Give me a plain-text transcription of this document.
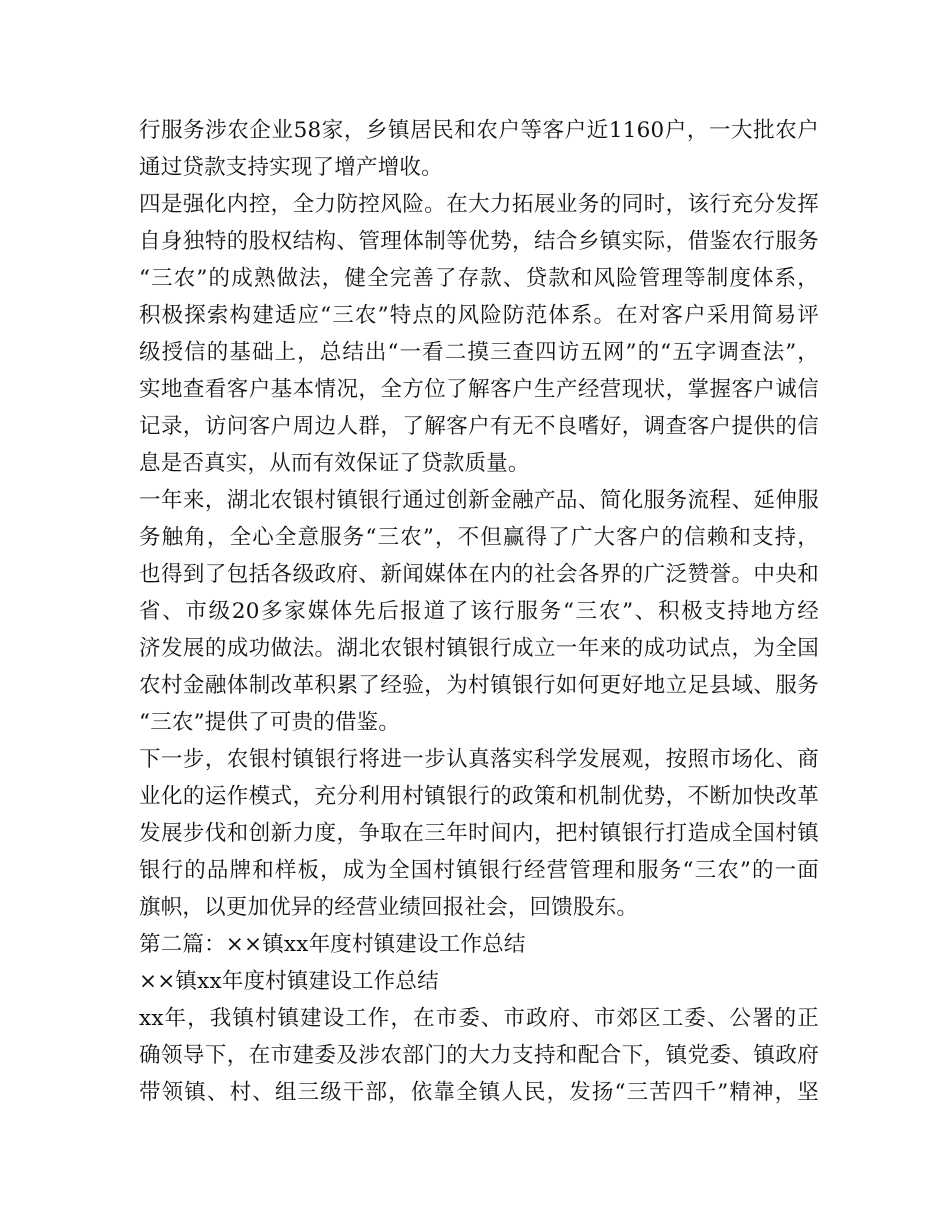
行服务涉农企业58家，乡镇居民和农户等客户近1160户，一大批农户
通过贷款支持实现了增产增收。
四是强化内控，全力防控风险。在大力拓展业务的同时，该行充分发挥
自身独特的股权结构、管理体制等优势，结合乡镇实际，借鉴农行服务
“三农”的成熟做法，健全完善了存款、贷款和风险管理等制度体系，
积极探索构建适应“三农”特点的风险防范体系。在对客户采用简易评
级授信的基础上，总结出“一看二摸三查四访五网”的“五字调查法”，
实地查看客户基本情况，全方位了解客户生产经营现状，掌握客户诚信
记录，访问客户周边人群，了解客户有无不良嗜好，调查客户提供的信
息是否真实，从而有效保证了贷款质量。
一年来，湖北农银村镇银行通过创新金融产品、简化服务流程、延伸服
务触角，全心全意服务“三农”，不但赢得了广大客户的信赖和支持，
也得到了包括各级政府、新闻媒体在内的社会各界的广泛赞誉。中央和
省、市级20多家媒体先后报道了该行服务“三农”、积极支持地方经
济发展的成功做法。湖北农银村镇银行成立一年来的成功试点，为全国
农村金融体制改革积累了经验，为村镇银行如何更好地立足县域、服务
“三农”提供了可贵的借鉴。
下一步，农银村镇银行将进一步认真落实科学发展观，按照市场化、商
业化的运作模式，充分利用村镇银行的政策和机制优势，不断加快改革
发展步伐和创新力度，争取在三年时间内，把村镇银行打造成全国村镇
银行的品牌和样板，成为全国村镇银行经营管理和服务“三农”的一面
旗帜，以更加优异的经营业绩回报社会，回馈股东。
第二篇：××镇xx年度村镇建设工作总结
××镇xx年度村镇建设工作总结
xx年，我镇村镇建设工作，在市委、市政府、市郊区工委、公署的正
确领导下，在市建委及涉农部门的大力支持和配合下，镇党委、镇政府
带领镇、村、组三级干部，依靠全镇人民，发扬“三苦四千”精神，坚
